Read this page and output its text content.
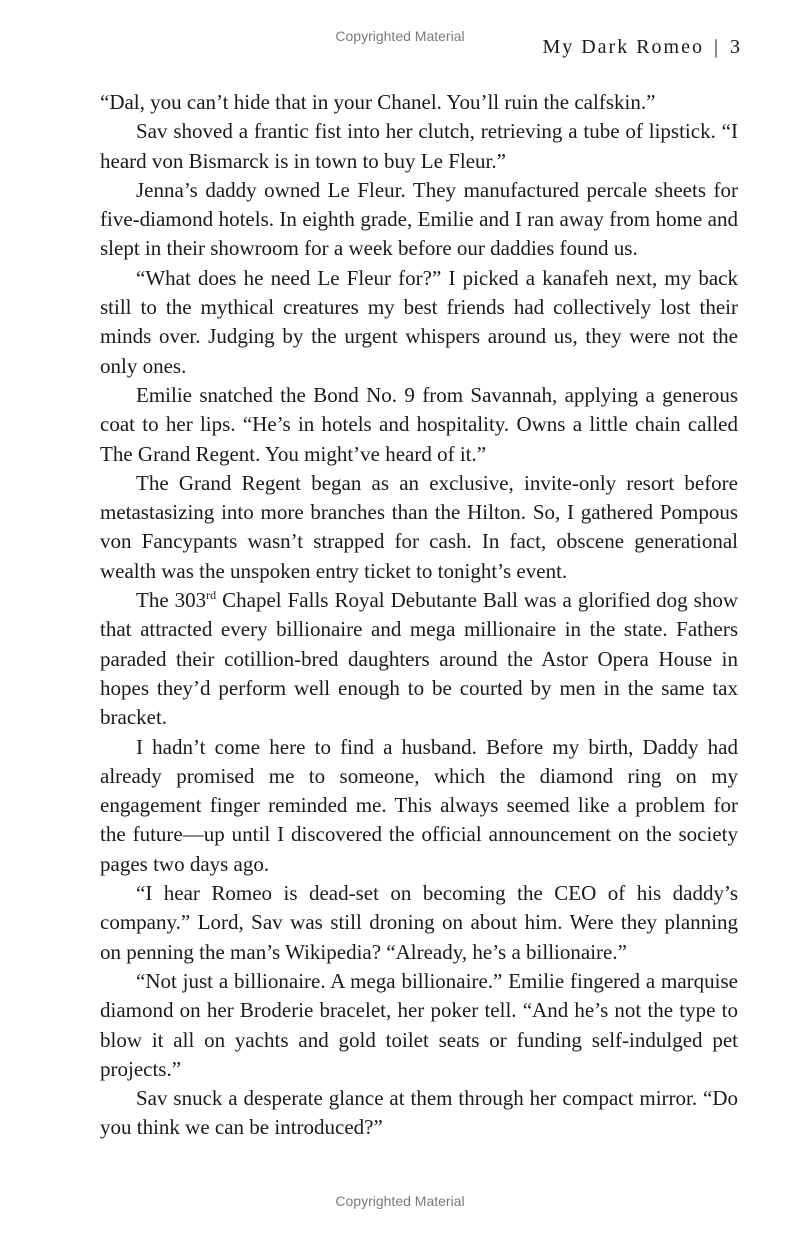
Copyrighted Material	My Dark Romeo | 3

“Dal, you can’t hide that in your Chanel. You’ll ruin the calfskin.”

Sav shoved a frantic fist into her clutch, retrieving a tube of lipstick. “I heard von Bismarck is in town to buy Le Fleur.”

Jenna’s daddy owned Le Fleur. They manufactured percale sheets for five-diamond hotels. In eighth grade, Emilie and I ran away from home and slept in their showroom for a week before our daddies found us.

“What does he need Le Fleur for?” I picked a kanafeh next, my back still to the mythical creatures my best friends had collectively lost their minds over. Judging by the urgent whispers around us, they were not the only ones.

Emilie snatched the Bond No. 9 from Savannah, applying a generous coat to her lips. “He’s in hotels and hospitality. Owns a little chain called The Grand Regent. You might’ve heard of it.”

The Grand Regent began as an exclusive, invite-only resort before metastasizing into more branches than the Hilton. So, I gathered Pompous von Fancypants wasn’t strapped for cash. In fact, obscene generational wealth was the unspoken entry ticket to tonight’s event.

The 303rd Chapel Falls Royal Debutante Ball was a glorified dog show that attracted every billionaire and mega millionaire in the state. Fathers paraded their cotillion-bred daughters around the Astor Opera House in hopes they’d perform well enough to be courted by men in the same tax bracket.

I hadn’t come here to find a husband. Before my birth, Daddy had already promised me to someone, which the diamond ring on my engagement finger reminded me. This always seemed like a problem for the future—up until I discovered the official announcement on the society pages two days ago.

“I hear Romeo is dead-set on becoming the CEO of his daddy’s company.” Lord, Sav was still droning on about him. Were they planning on penning the man’s Wikipedia? “Already, he’s a billionaire.”

“Not just a billionaire. A mega billionaire.” Emilie fingered a marquise diamond on her Broderie bracelet, her poker tell. “And he’s not the type to blow it all on yachts and gold toilet seats or funding self-indulged pet projects.”

Sav snuck a desperate glance at them through her compact mirror. “Do you think we can be introduced?”

Copyrighted Material
